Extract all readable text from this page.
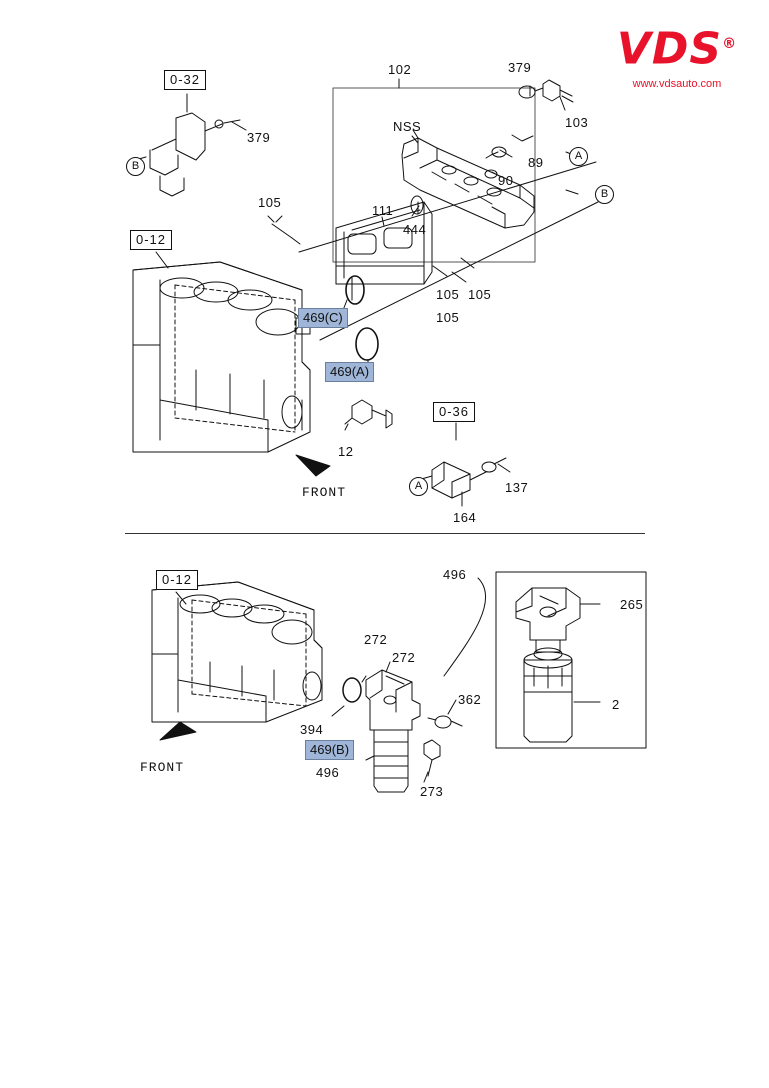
VDS®
www.vdsauto.com
0-32
379
B
102	379
103
NSS
89
90
A
B
105
111
444
105 105
105
0-12
469(C)
469(A)
12
0-36
A	137
164
FRONT
0-12	496
265
272
272
362	2
394
469(B)
496
273
FRONT
